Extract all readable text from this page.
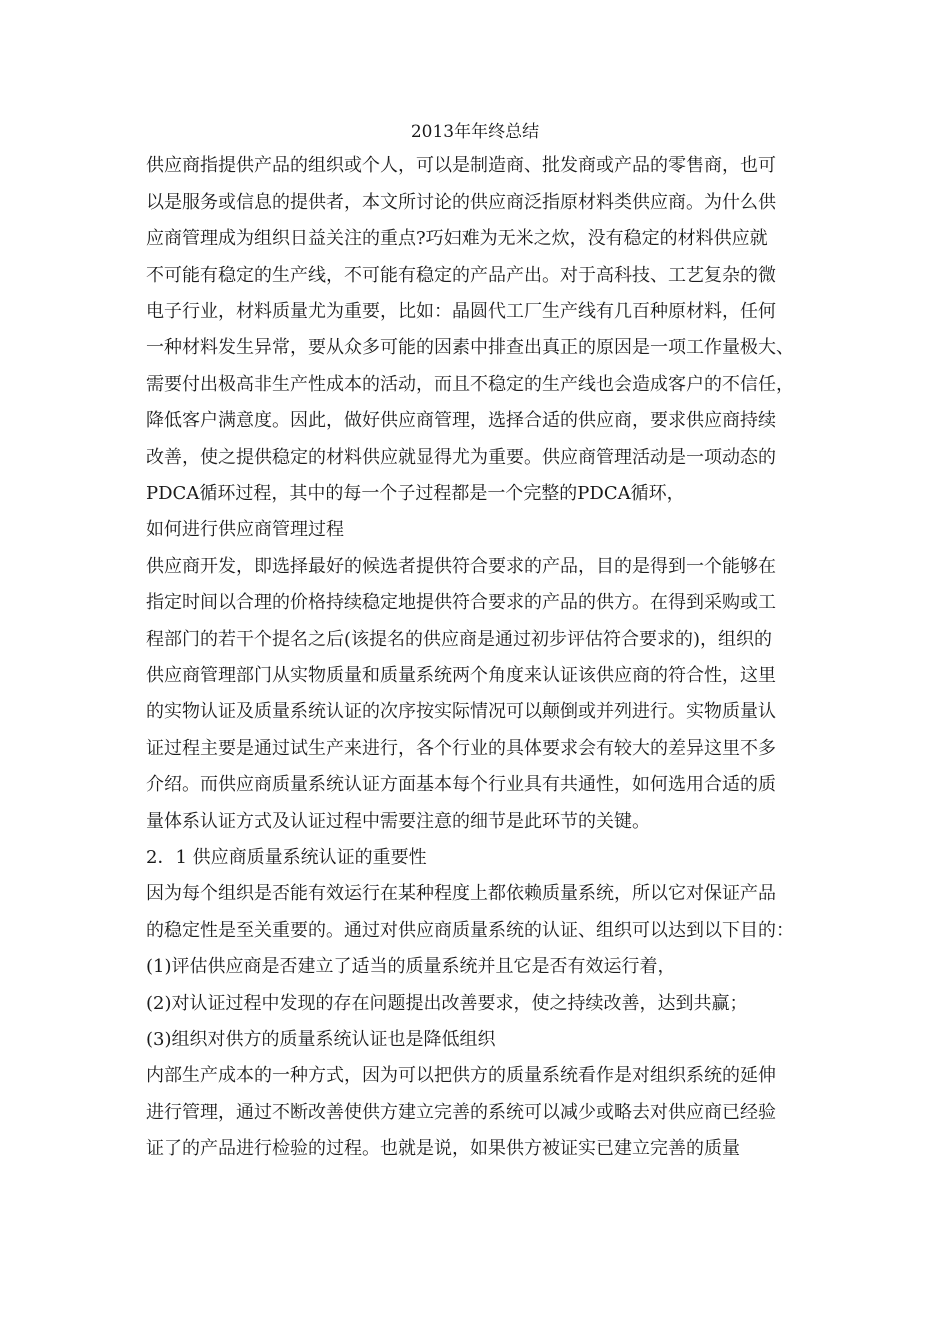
2013年年终总结
供应商指提供产品的组织或个人，可以是制造商、批发商或产品的零售商，也可
以是服务或信息的提供者，本文所讨论的供应商泛指原材料类供应商。为什么供
应商管理成为组织日益关注的重点?巧妇难为无米之炊，没有稳定的材料供应就
不可能有稳定的生产线，不可能有稳定的产品产出。对于高科技、工艺复杂的微
电子行业，材料质量尤为重要，比如：晶圆代工厂生产线有几百种原材料，任何
一种材料发生异常，要从众多可能的因素中排查出真正的原因是一项工作量极大、
需要付出极高非生产性成本的活动，而且不稳定的生产线也会造成客户的不信任，
降低客户满意度。因此，做好供应商管理，选择合适的供应商，要求供应商持续
改善，使之提供稳定的材料供应就显得尤为重要。供应商管理活动是一项动态的
PDCA循环过程，其中的每一个子过程都是一个完整的PDCA循环，
如何进行供应商管理过程
供应商开发，即选择最好的候选者提供符合要求的产品，目的是得到一个能够在
指定时间以合理的价格持续稳定地提供符合要求的产品的供方。在得到采购或工
程部门的若干个提名之后(该提名的供应商是通过初步评估符合要求的)，组织的
供应商管理部门从实物质量和质量系统两个角度来认证该供应商的符合性，这里
的实物认证及质量系统认证的次序按实际情况可以颠倒或并列进行。实物质量认
证过程主要是通过试生产来进行，各个行业的具体要求会有较大的差异这里不多
介绍。而供应商质量系统认证方面基本每个行业具有共通性，如何选用合适的质
量体系认证方式及认证过程中需要注意的细节是此环节的关键。
2．1 供应商质量系统认证的重要性
因为每个组织是否能有效运行在某种程度上都依赖质量系统，所以它对保证产品
的稳定性是至关重要的。通过对供应商质量系统的认证、组织可以达到以下目的：
(1)评估供应商是否建立了适当的质量系统并且它是否有效运行着，
(2)对认证过程中发现的存在问题提出改善要求，使之持续改善，达到共赢；
(3)组织对供方的质量系统认证也是降低组织
内部生产成本的一种方式，因为可以把供方的质量系统看作是对组织系统的延伸
进行管理，通过不断改善使供方建立完善的系统可以减少或略去对供应商已经验
证了的产品进行检验的过程。也就是说，如果供方被证实已建立完善的质量
